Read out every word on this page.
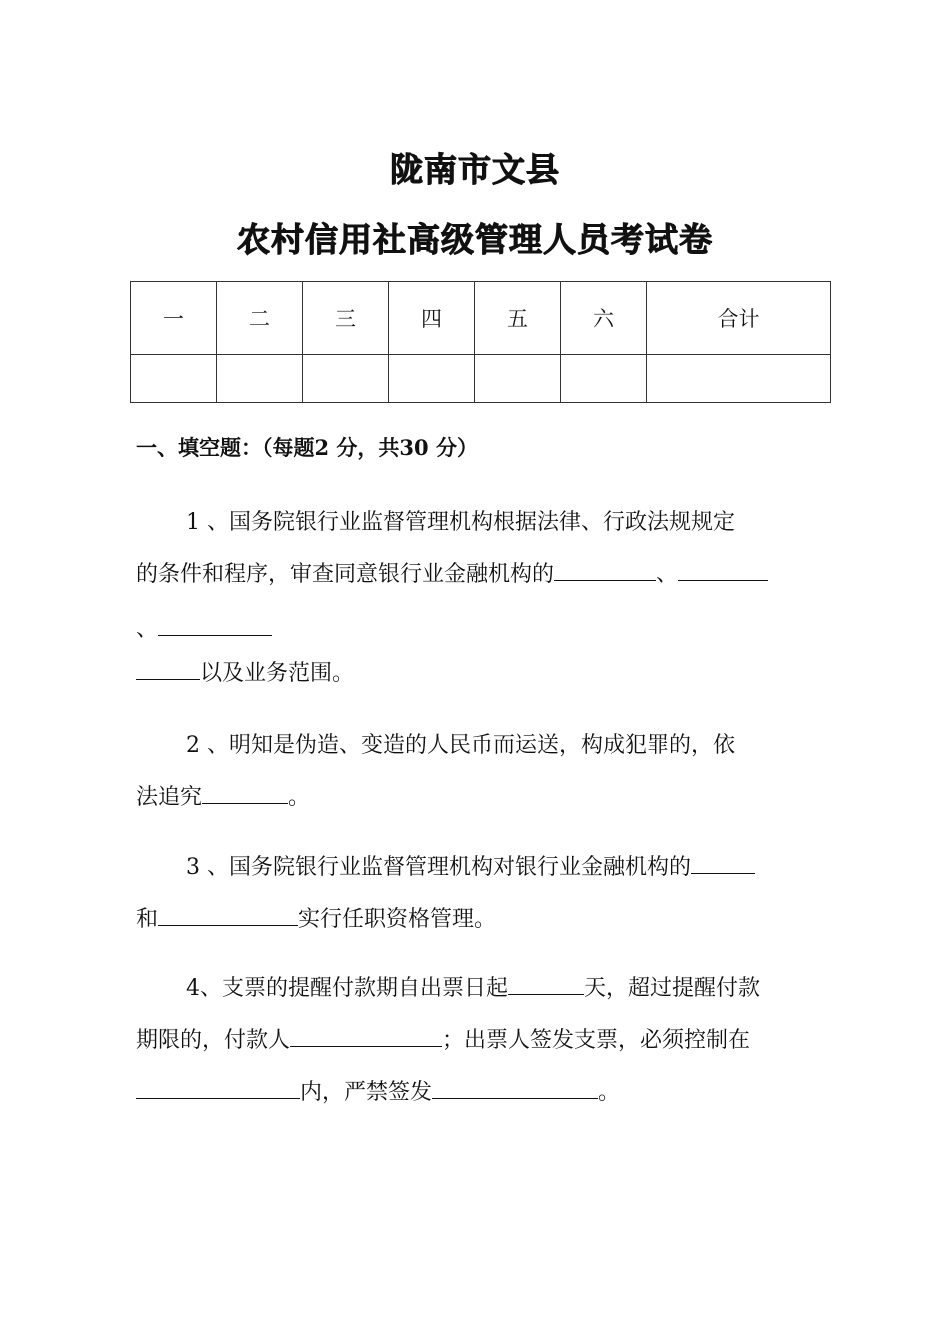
陇南市文县
农村信用社高级管理人员考试卷
一	二	三	四	五	六	合计

一、填空题：（每题2 分，共30 分）
1 、国务院银行业监督管理机构根据法律、行政法规规定
的条件和程序，审查同意银行业金融机构的	、
、
以及业务范围。
2 、明知是伪造、变造的人民币而运送，构成犯罪的，依
法追究	。
3 、国务院银行业监督管理机构对银行业金融机构的
和	实行任职资格管理。
4、支票的提醒付款期自出票日起	天，超过提醒付款
期限的，付款人	；出票人签发支票，必须控制在
内，严禁签发	。
